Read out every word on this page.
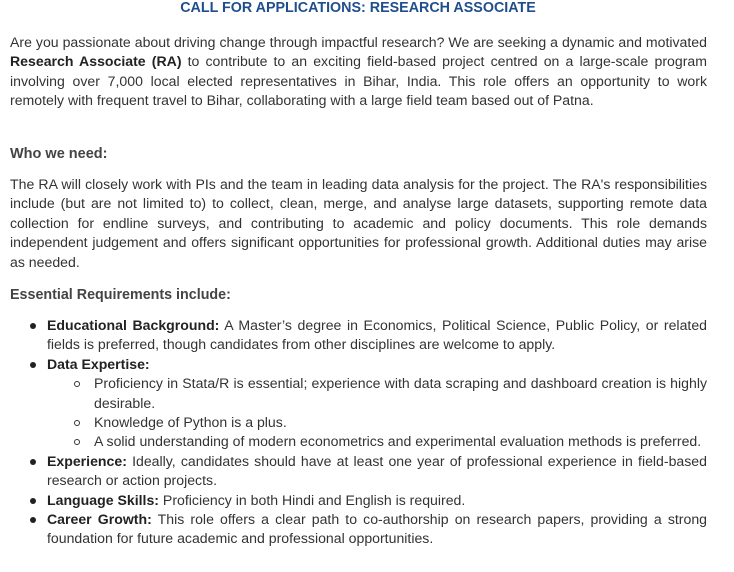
CALL FOR APPLICATIONS: RESEARCH ASSOCIATE

Are you passionate about driving change through impactful research? We are seeking a dynamic and motivated Research Associate (RA) to contribute to an exciting field-based project centred on a large-scale program involving over 7,000 local elected representatives in Bihar, India. This role offers an opportunity to work remotely with frequent travel to Bihar, collaborating with a large field team based out of Patna.

Who we need:

The RA will closely work with PIs and the team in leading data analysis for the project. The RA's responsibilities include (but are not limited to) to collect, clean, merge, and analyse large datasets, supporting remote data collection for endline surveys, and contributing to academic and policy documents. This role demands independent judgement and offers significant opportunities for professional growth. Additional duties may arise as needed.

Essential Requirements include:
Educational Background: A Master’s degree in Economics, Political Science, Public Policy, or related fields is preferred, though candidates from other disciplines are welcome to apply.
Data Expertise:
Proficiency in Stata/R is essential; experience with data scraping and dashboard creation is highly desirable.
Knowledge of Python is a plus.
A solid understanding of modern econometrics and experimental evaluation methods is preferred.
Experience: Ideally, candidates should have at least one year of professional experience in field-based research or action projects.
Language Skills: Proficiency in both Hindi and English is required.
Career Growth: This role offers a clear path to co-authorship on research papers, providing a strong foundation for future academic and professional opportunities.
